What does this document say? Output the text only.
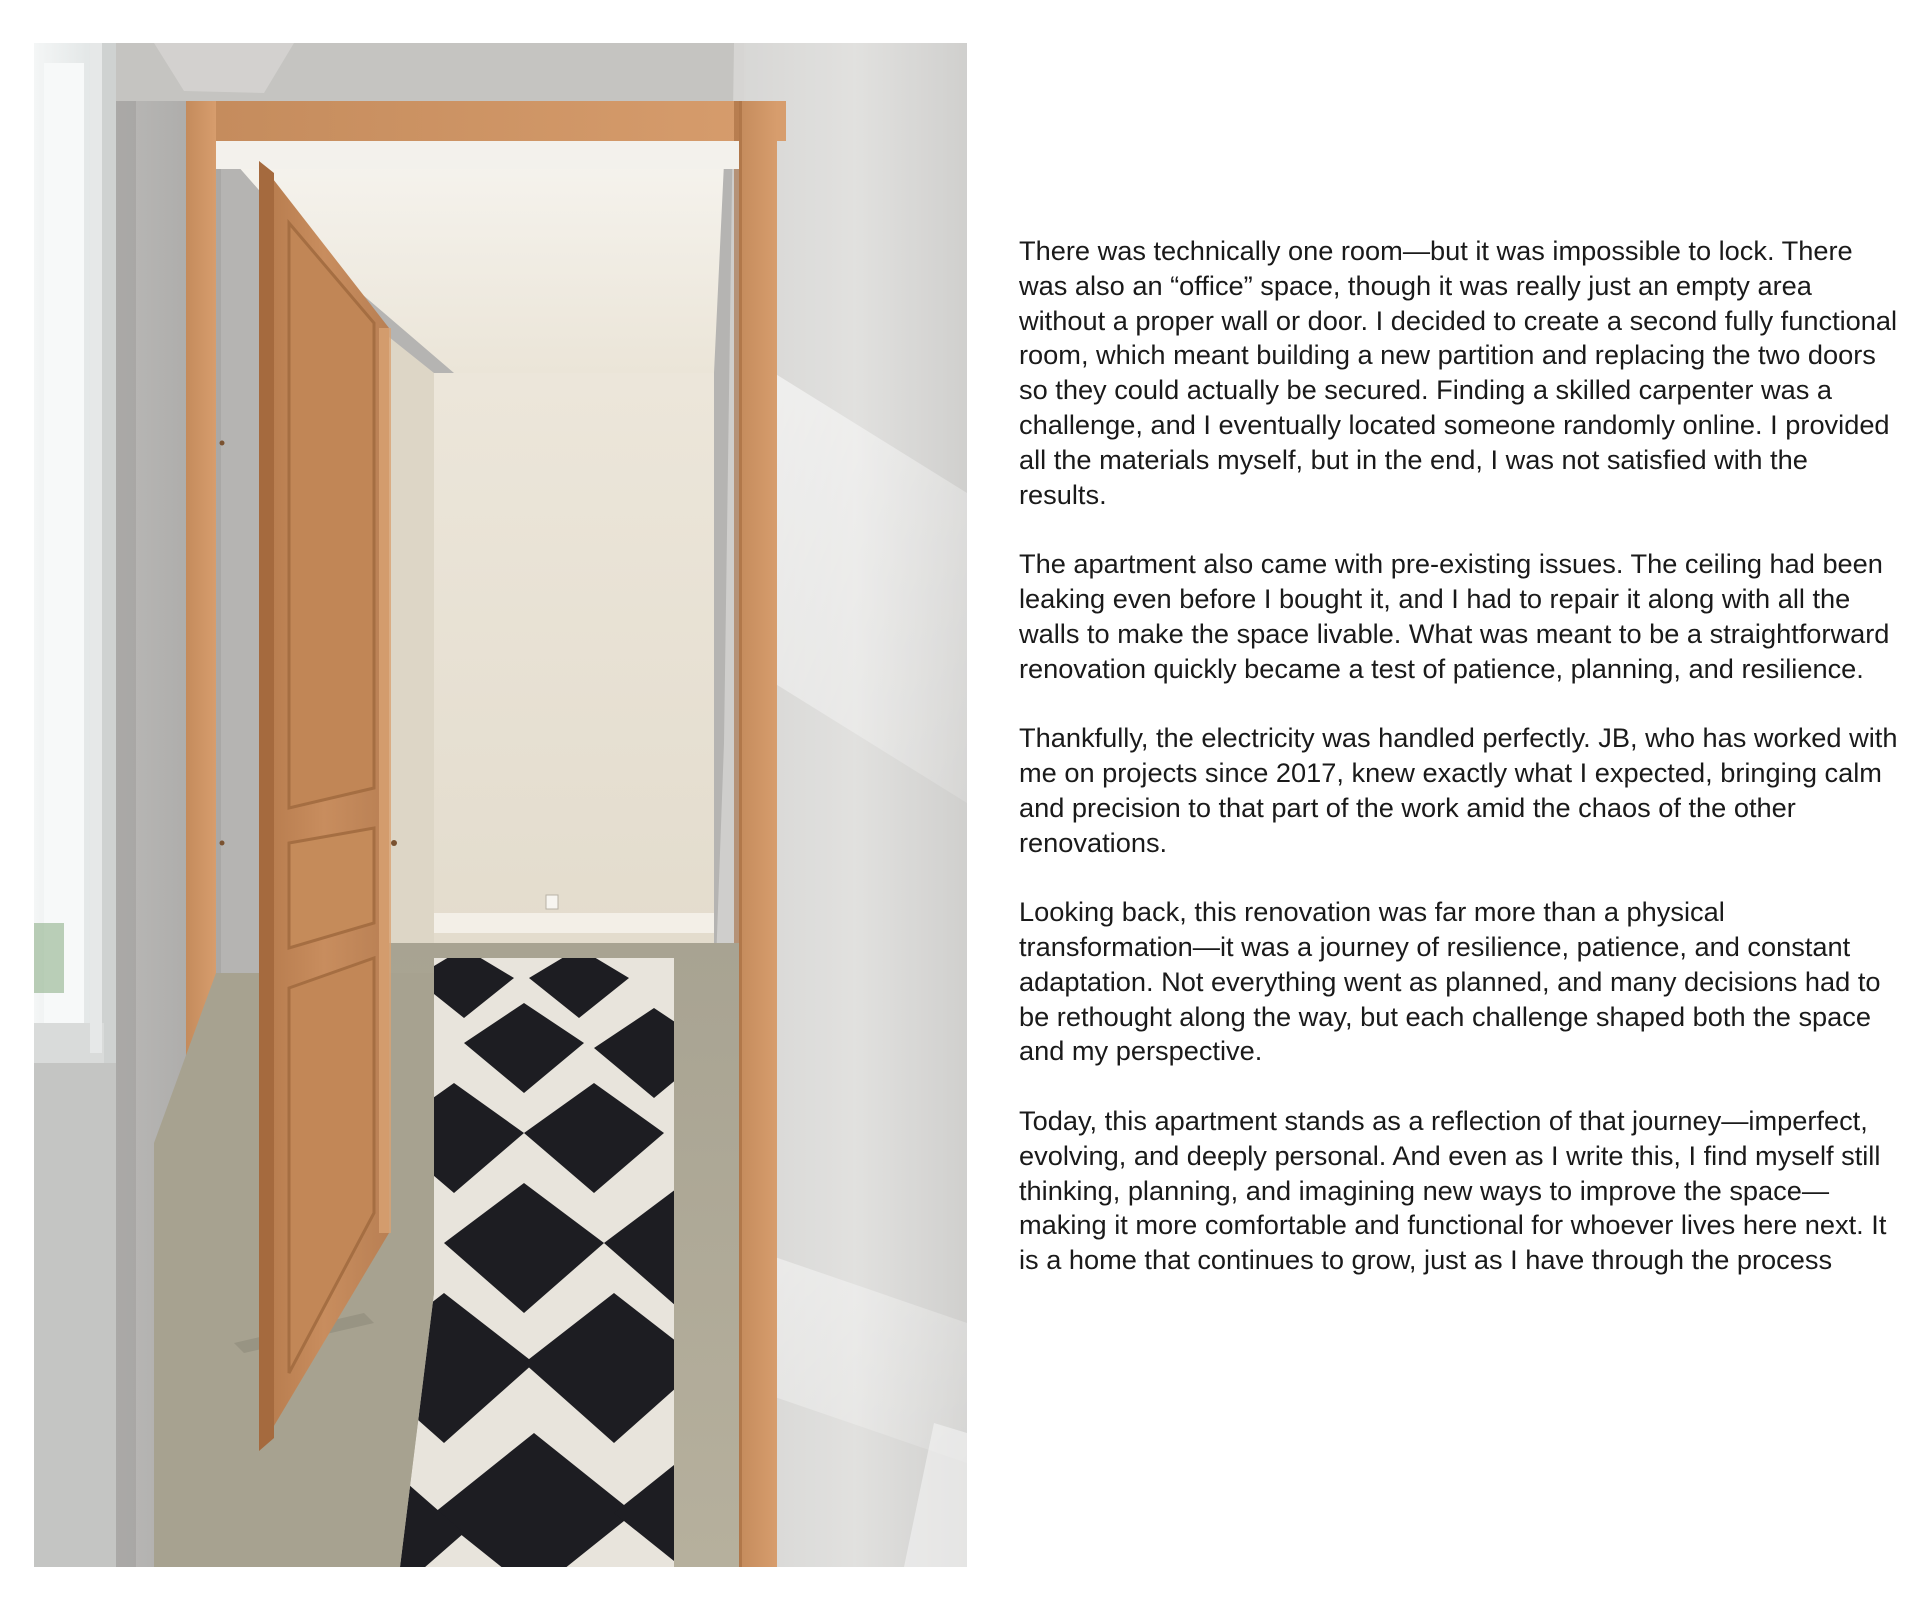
There was technically one room—but it was impossible to lock. There was also an “office” space, though it was really just an empty area without a proper wall or door. I decided to create a second fully functional room, which meant building a new partition and replacing the two doors so they could actually be secured. Finding a skilled carpenter was a challenge, and I eventually located someone randomly online. I provided all the materials myself, but in the end, I was not satisfied with the results.

The apartment also came with pre-existing issues. The ceiling had been leaking even before I bought it, and I had to repair it along with all the walls to make the space livable. What was meant to be a straightforward renovation quickly became a test of patience, planning, and resilience.

Thankfully, the electricity was handled perfectly. JB, who has worked with me on projects since 2017, knew exactly what I expected, bringing calm and precision to that part of the work amid the chaos of the other renovations.

Looking back, this renovation was far more than a physical transformation—it was a journey of resilience, patience, and constant adaptation. Not everything went as planned, and many decisions had to be rethought along the way, but each challenge shaped both the space and my perspective.

Today, this apartment stands as a reflection of that journey—imperfect, evolving, and deeply personal. And even as I write this, I find myself still thinking, planning, and imagining new ways to improve the space—making it more comfortable and functional for whoever lives here next. It is a home that continues to grow, just as I have through the process
